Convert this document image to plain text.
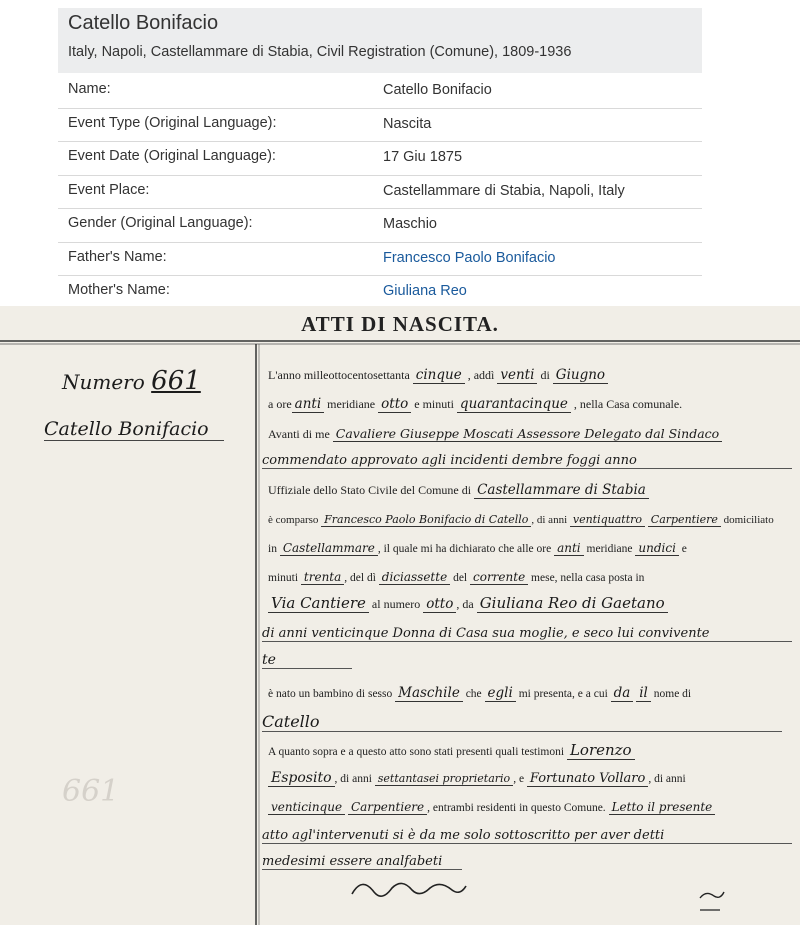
Catello Bonifacio
Italy, Napoli, Castellammare di Stabia, Civil Registration (Comune), 1809-1936
Name:	Catello Bonifacio
Event Type (Original Language):	Nascita
Event Date (Original Language):	17 Giu 1875
Event Place:	Castellammare di Stabia, Napoli, Italy
Gender (Original Language):	Maschio
Father's Name:	Francesco Paolo Bonifacio
Mother's Name:	Giuliana Reo
ATTI DI NASCITA.
Numero 661
Catello Bonifacio
661
L'anno milleottocentosettanta cinque , addì venti di Giugno
a ore anti meridiane otto e minuti quarantacinque , nella Casa comunale.
Avanti di me Cavaliere Giuseppe Moscati Assessore Delegato dal Sindaco
commendato approvato agli incidenti dembre foggi anno
Uffiziale dello Stato Civile del Comune di Castellammare di Stabia
è comparso Francesco Paolo Bonifacio di Catello , di anni ventiquattro Carpentiere domiciliato
in Castellammare , il quale mi ha dichiarato che alle ore anti meridiane undici e
minuti trenta , del dì diciassette del corrente mese, nella casa posta in
Via Cantiere al numero otto , da Giuliana Reo di Gaetano
di anni venticinque Donna di Casa sua moglie, e seco lui convivente
te
è nato un bambino di sesso Maschile che egli mi presenta, e a cui da il nome di
Catello
A quanto sopra e a questo atto sono stati presenti quali testimoni Lorenzo
Esposito , di anni settantasei proprietario , e Fortunato Vollaro , di anni
venticinque Carpentiere , entrambi residenti in questo Comune. Letto il presente
atto agl'intervenuti si è da me solo sottoscritto per aver detti
medesimi essere analfabeti
